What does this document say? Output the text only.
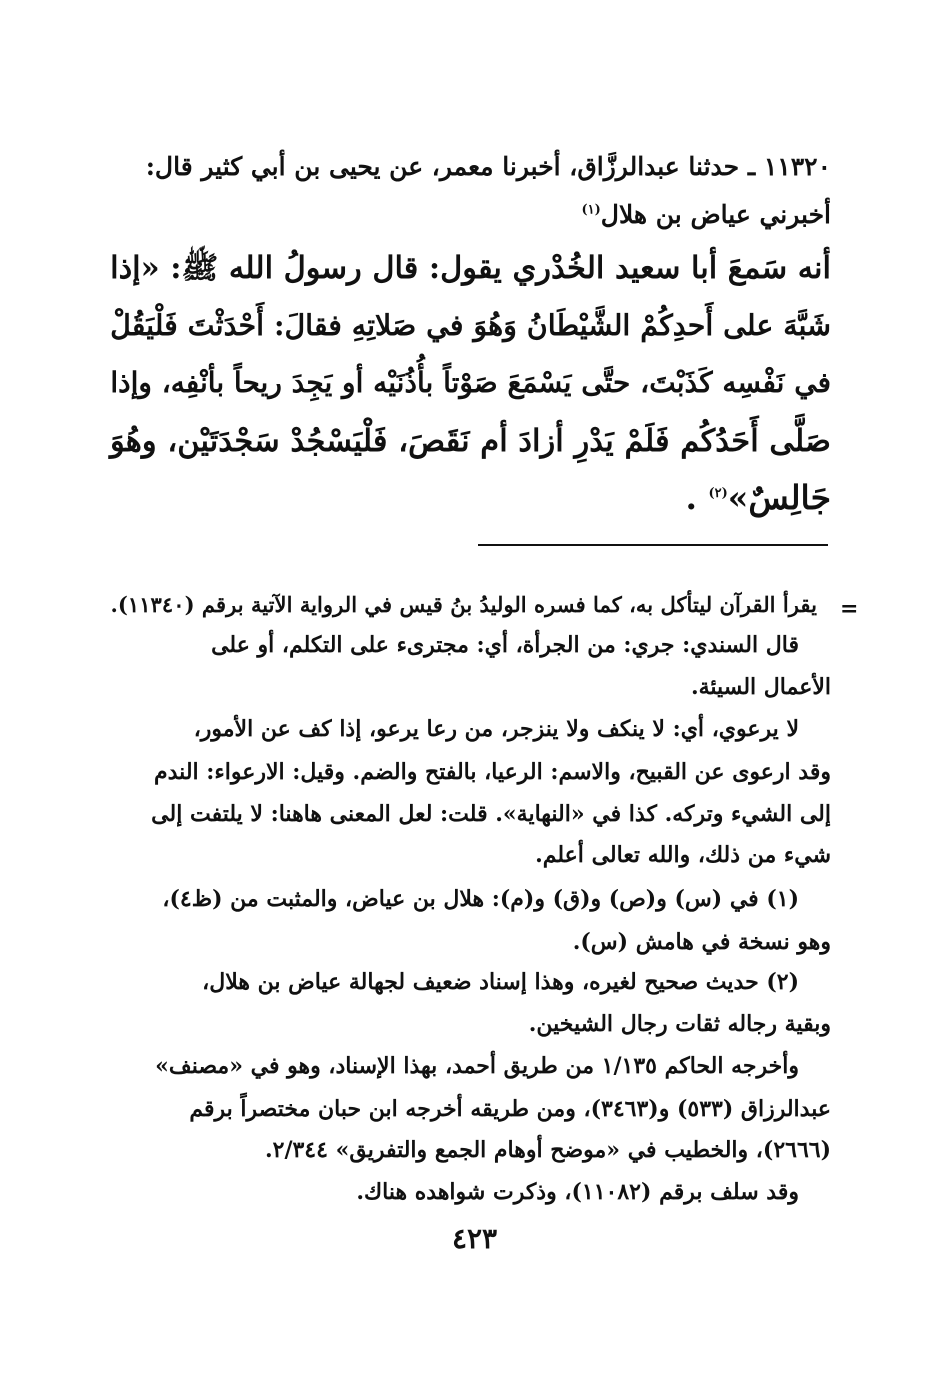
١١٣٢٠ ـ حدثنا عبدالرزَّاق، أخبرنا معمر، عن يحيى بن أبي كثير قال:
أخبرني عياض بن هلال$^{(١)}$
أنه سَمعَ أبا سعيد الخُدْري يقول: قال رسولُ الله ﷺ: «إذا
شَبَّهَ على أَحدِكُمْ الشَّيْطَانُ وَهُوَ في صَلاتِهِ فقالَ: أَحْدَثْتَ فَلْيَقُلْ
في نَفْسِه كَذَبْتَ، حتَّى يَسْمَعَ صَوْتاً بأُذُنَيْه أو يَجِدَ ريحاً بأنْفِه، وإذا
صَلَّى أَحَدُكُم فَلَمْ يَدْرِ أزادَ أم نَقَصَ، فَلْيَسْجُدْ سَجْدَتَيْن، وهُوَ
جَالِسٌ»$^{(٢)}$ .
=
يقرأ القرآن ليتأكل به، كما فسره الوليدُ بنُ قيس في الرواية الآتية برقم (١١٣٤٠).
قال السندي: جري: من الجرأة، أي: مجترىء على التكلم، أو على
الأعمال السيئة.
لا يرعوي، أي: لا ينكف ولا ينزجر، من رعا يرعو، إذا كف عن الأمور،
وقد ارعوى عن القبيح، والاسم: الرعيا، بالفتح والضم. وقيل: الارعواء: الندم
إلى الشيء وتركه. كذا في «النهاية». قلت: لعل المعنى هاهنا: لا يلتفت إلى
شيء من ذلك، والله تعالى أعلم.
(١) في (س) و(ص) و(ق) و(م): هلال بن عياض، والمثبت من (ظ٤)،
وهو نسخة في هامش (س).
(٢) حديث صحيح لغيره، وهذا إسناد ضعيف لجهالة عياض بن هلال،
وبقية رجاله ثقات رجال الشيخين.
وأخرجه الحاكم ١/١٣٥ من طريق أحمد، بهذا الإسناد، وهو في «مصنف»
عبدالرزاق (٥٣٣) و(٣٤٦٣)، ومن طريقه أخرجه ابن حبان مختصراً برقم
(٢٦٦٦)، والخطيب في «موضح أوهام الجمع والتفريق» ٢/٣٤٤.
وقد سلف برقم (١١٠٨٢)، وذكرت شواهده هناك.
٤٢٣
